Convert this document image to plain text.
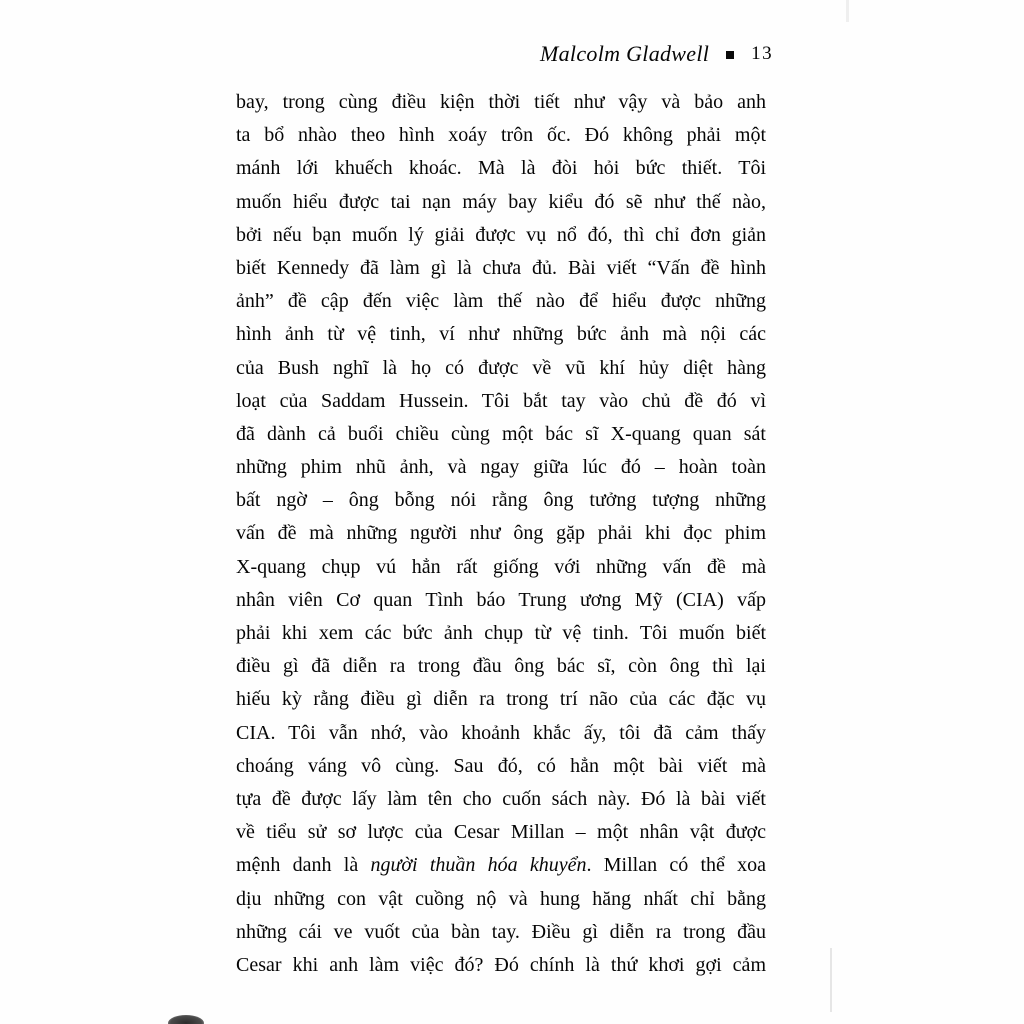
Malcolm Gladwell 13
bay, trong cùng điều kiện thời tiết như vậy và bảo anh
ta bổ nhào theo hình xoáy trôn ốc. Đó không phải một
mánh lới khuếch khoác. Mà là đòi hỏi bức thiết. Tôi
muốn hiểu được tai nạn máy bay kiểu đó sẽ như thế nào,
bởi nếu bạn muốn lý giải được vụ nổ đó, thì chỉ đơn giản
biết Kennedy đã làm gì là chưa đủ. Bài viết “Vấn đề hình
ảnh” đề cập đến việc làm thế nào để hiểu được những
hình ảnh từ vệ tinh, ví như những bức ảnh mà nội các
của Bush nghĩ là họ có được về vũ khí hủy diệt hàng
loạt của Saddam Hussein. Tôi bắt tay vào chủ đề đó vì
đã dành cả buổi chiều cùng một bác sĩ X-quang quan sát
những phim nhũ ảnh, và ngay giữa lúc đó – hoàn toàn
bất ngờ – ông bỗng nói rằng ông tưởng tượng những
vấn đề mà những người như ông gặp phải khi đọc phim
X-quang chụp vú hẳn rất giống với những vấn đề mà
nhân viên Cơ quan Tình báo Trung ương Mỹ (CIA) vấp
phải khi xem các bức ảnh chụp từ vệ tinh. Tôi muốn biết
điều gì đã diễn ra trong đầu ông bác sĩ, còn ông thì lại
hiếu kỳ rằng điều gì diễn ra trong trí não của các đặc vụ
CIA. Tôi vẫn nhớ, vào khoảnh khắc ấy, tôi đã cảm thấy
choáng váng vô cùng. Sau đó, có hẳn một bài viết mà
tựa đề được lấy làm tên cho cuốn sách này. Đó là bài viết
về tiểu sử sơ lược của Cesar Millan – một nhân vật được
mệnh danh là người thuần hóa khuyển. Millan có thể xoa
dịu những con vật cuồng nộ và hung hăng nhất chỉ bằng
những cái ve vuốt của bàn tay. Điều gì diễn ra trong đầu
Cesar khi anh làm việc đó? Đó chính là thứ khơi gợi cảm
